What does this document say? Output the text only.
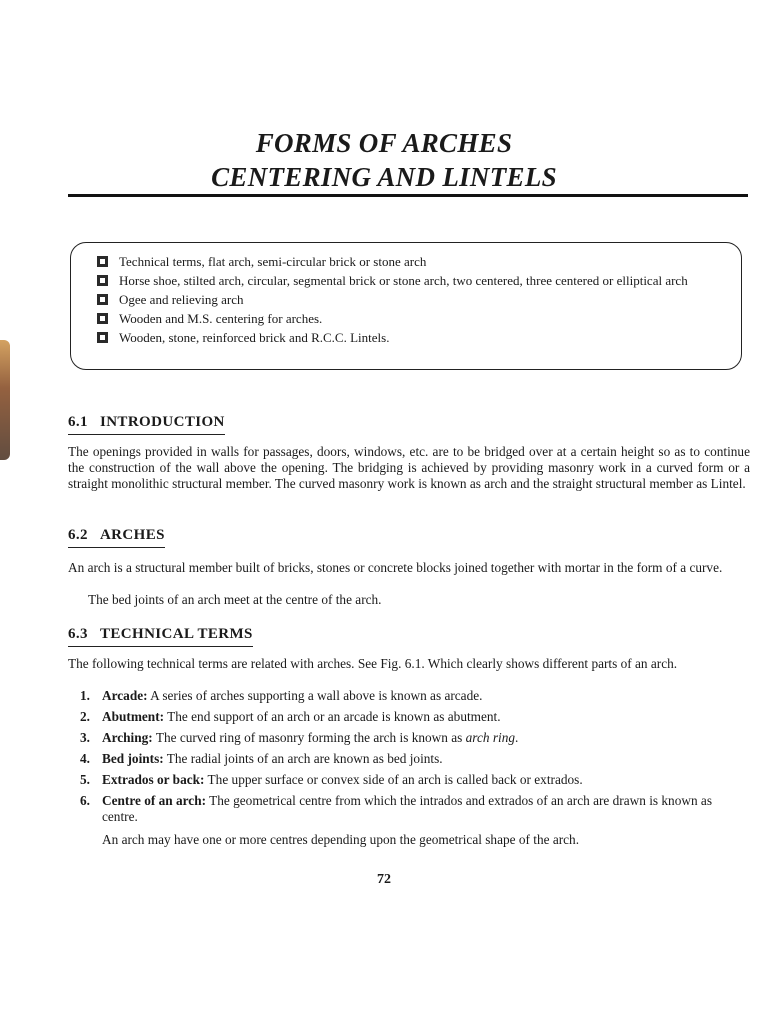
FORMS OF ARCHES
CENTERING AND LINTELS
Technical terms, flat arch, semi-circular brick or stone arch
Horse shoe, stilted arch, circular, segmental brick or stone arch, two centered, three centered or elliptical arch
Ogee and relieving arch
Wooden and M.S. centering for arches.
Wooden, stone, reinforced brick and R.C.C. Lintels.
6.1 INTRODUCTION
The openings provided in walls for passages, doors, windows, etc. are to be bridged over at a certain height so as to continue the construction of the wall above the opening. The bridging is achieved by providing masonry work in a curved form or a straight monolithic structural member. The curved masonry work is known as arch and the straight structural member as Lintel.
6.2 ARCHES
An arch is a structural member built of bricks, stones or concrete blocks joined together with mortar in the form of a curve.
The bed joints of an arch meet at the centre of the arch.
6.3 TECHNICAL TERMS
The following technical terms are related with arches. See Fig. 6.1. Which clearly shows different parts of an arch.
1. Arcade: A series of arches supporting a wall above is known as arcade.
2. Abutment: The end support of an arch or an arcade is known as abutment.
3. Arching: The curved ring of masonry forming the arch is known as arch ring.
4. Bed joints: The radial joints of an arch are known as bed joints.
5. Extrados or back: The upper surface or convex side of an arch is called back or extrados.
6. Centre of an arch: The geometrical centre from which the intrados and extrados of an arch are drawn is known as centre.
An arch may have one or more centres depending upon the geometrical shape of the arch.
72
